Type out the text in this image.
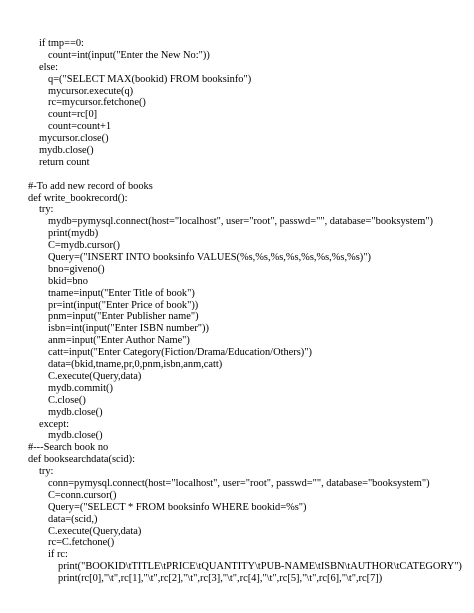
if tmp==0:
count=int(input("Enter the New No:"))
else:
q=("SELECT MAX(bookid) FROM booksinfo")
mycursor.execute(q)
rc=mycursor.fetchone()
count=rc[0]
count=count+1
mycursor.close()
mydb.close()
return count
#-To add new record of books
def write_bookrecord():
try:
mydb=pymysql.connect(host="localhost", user="root", passwd="", database="booksystem")
print(mydb)
C=mydb.cursor()
Query=("INSERT INTO booksinfo VALUES(%s,%s,%s,%s,%s,%s,%s,%s)")
bno=giveno()
bkid=bno
tname=input("Enter Title of book")
pr=int(input("Enter Price of book"))
pnm=input("Enter Publisher name")
isbn=int(input("Enter ISBN number"))
anm=input("Enter Author Name")
catt=input("Enter Category(Fiction/Drama/Education/Others)")
data=(bkid,tname,pr,0,pnm,isbn,anm,catt)
C.execute(Query,data)
mydb.commit()
C.close()
mydb.close()
except:
mydb.close()
#---Search book no
def booksearchdata(scid):
try:
conn=pymysql.connect(host="localhost", user="root", passwd="", database="booksystem")
C=conn.cursor()
Query=("SELECT * FROM booksinfo WHERE bookid=%s")
data=(scid,)
C.execute(Query,data)
rc=C.fetchone()
if rc:
print("BOOKID\tTITLE\tPRICE\tQUANTITY\tPUB-NAME\tISBN\tAUTHOR\tCATEGORY")
print(rc[0],"\t",rc[1],"\t",rc[2],"\t",rc[3],"\t",rc[4],"\t",rc[5],"\t",rc[6],"\t",rc[7])
